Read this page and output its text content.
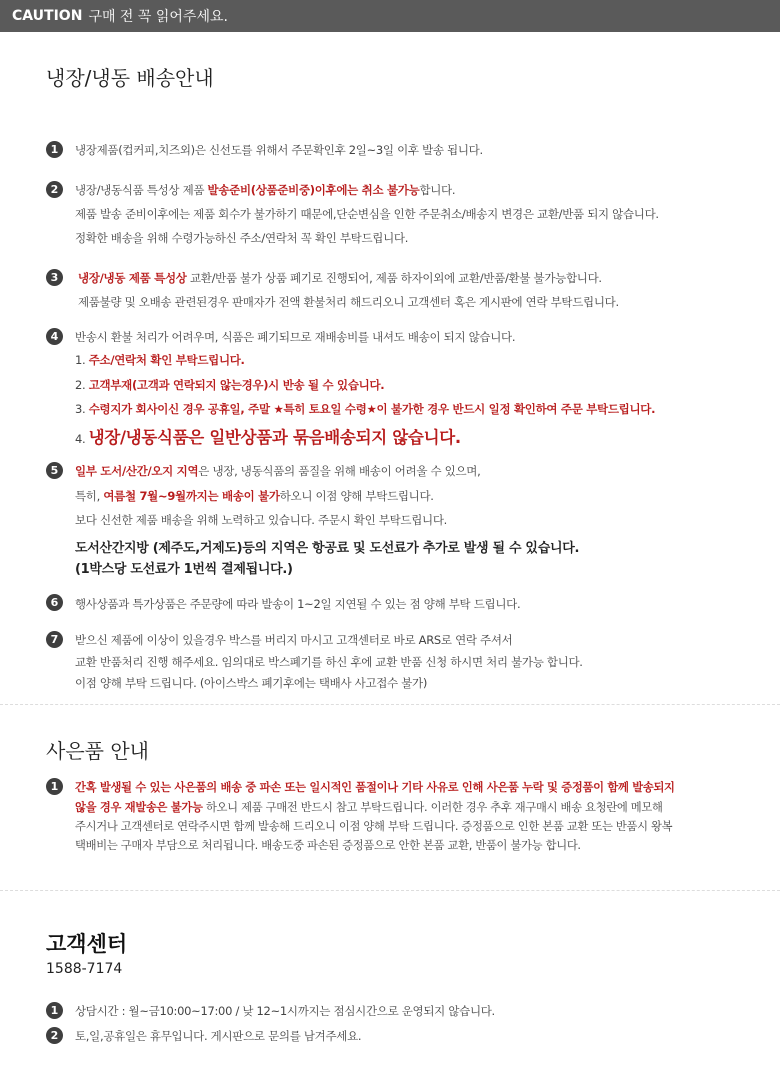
CAUTION 구매 전 꼭 읽어주세요.
냉장/냉동 배송안내
1	냉장제품(컵커피,치즈외)은 신선도를 위해서 주문확인후 2일~3일 이후 발송 됩니다.
2	냉장/냉동식품 특성상 제품 발송준비(상품준비중)이후에는 취소 불가능합니다.
제품 발송 준비이후에는 제품 회수가 불가하기 때문에,단순변심을 인한 주문취소/배송지 변경은 교환/반품 되지 않습니다.
정확한 배송을 위해 수령가능하신 주소/연락처 꼭 확인 부탁드립니다.
3	냉장/냉동 제품 특성상 교환/반품 불가 상품 폐기로 진행되어, 제품 하자이외에 교환/반품/환불 불가능합니다.
제품불량 및 오배송 관련된경우 판매자가 전액 환불처리 해드리오니 고객센터 혹은 게시판에 연락 부탁드립니다.
4	반송시 환불 처리가 어려우며, 식품은 폐기되므로 재배송비를 내셔도 배송이 되지 않습니다.
1. 주소/연락처 확인 부탁드립니다.
2. 고객부재(고객과 연락되지 않는경우)시 반송 될 수 있습니다.
3. 수령지가 회사이신 경우 공휴일, 주말 ★특히 토요일 수령★이 불가한 경우 반드시 일정 확인하여 주문 부탁드립니다.
4. 냉장/냉동식품은 일반상품과 묶음배송되지 않습니다.
5	일부 도서/산간/오지 지역은 냉장, 냉동식품의 품질을 위해 배송이 어려울 수 있으며,
특히, 여름철 7월~9월까지는 배송이 불가하오니 이점 양해 부탁드립니다.
보다 신선한 제품 배송을 위해 노력하고 있습니다. 주문시 확인 부탁드립니다.
도서산간지방 (제주도,거제도)등의 지역은 항공료 및 도선료가 추가로 발생 될 수 있습니다.
(1박스당 도선료가 1번씩 결제됩니다.)
6	행사상품과 특가상품은 주문량에 따라 발송이 1~2일 지연될 수 있는 점 양해 부탁 드립니다.
7	받으신 제품에 이상이 있을경우 박스를 버리지 마시고 고객센터로 바로 ARS로 연락 주셔서
교환 반품처리 진행 해주세요. 임의대로 박스폐기를 하신 후에 교환 반품 신청 하시면 처리 불가능 합니다.
이점 양해 부탁 드립니다. (아이스박스 폐기후에는 택배사 사고접수 불가)
사은품 안내
1	간혹 발생될 수 있는 사은품의 배송 중 파손 또는 일시적인 품절이나 기타 사유로 인해 사은품 누락 및 증정품이 함께 발송되지
않을 경우 재발송은 불가능 하오니 제품 구매전 반드시 참고 부탁드립니다. 이러한 경우 추후 재구매시 배송 요청란에 메모해
주시거나 고객센터로 연락주시면 함께 발송해 드리오니 이점 양해 부탁 드립니다. 증정품으로 인한 본품 교환 또는 반품시 왕복
택배비는 구매자 부담으로 처리됩니다. 배송도중 파손된 증정품으로 안한 본품 교환, 반품이 불가능 합니다.
고객센터
1588-7174
1	상담시간 : 월~금10:00~17:00 / 낮 12~1시까지는 점심시간으로 운영되지 않습니다.
2	토,일,공휴일은 휴무입니다. 게시판으로 문의를 남겨주세요.
